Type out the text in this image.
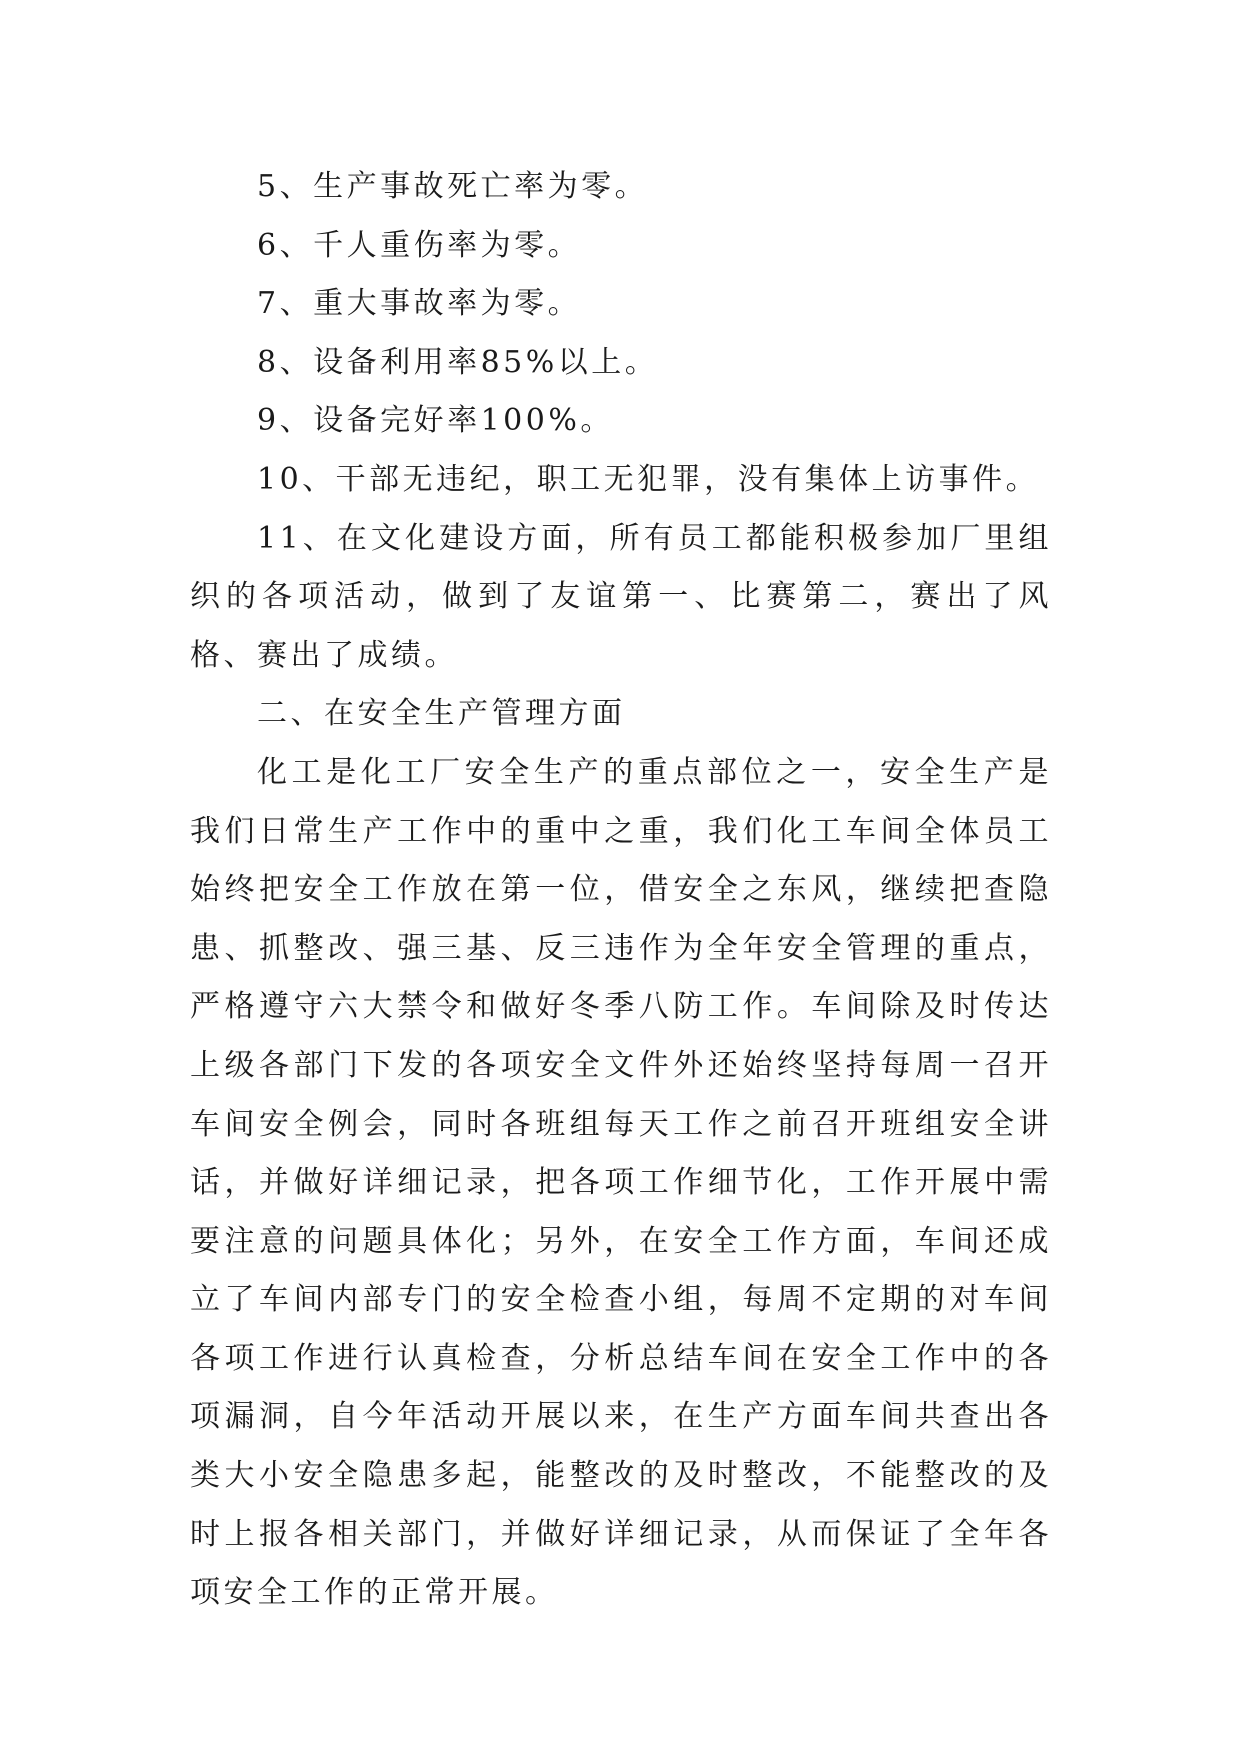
5、生产事故死亡率为零。

6、千人重伤率为零。

7、重大事故率为零。

8、设备利用率85%以上。

9、设备完好率100%。

10、干部无违纪，职工无犯罪，没有集体上访事件。

11、在文化建设方面，所有员工都能积极参加厂里组织的各项活动，做到了友谊第一、比赛第二，赛出了风格、赛出了成绩。

二、在安全生产管理方面

化工是化工厂安全生产的重点部位之一，安全生产是我们日常生产工作中的重中之重，我们化工车间全体员工始终把安全工作放在第一位，借安全之东风，继续把查隐患、抓整改、强三基、反三违作为全年安全管理的重点，严格遵守六大禁令和做好冬季八防工作。车间除及时传达上级各部门下发的各项安全文件外还始终坚持每周一召开车间安全例会，同时各班组每天工作之前召开班组安全讲话，并做好详细记录，把各项工作细节化，工作开展中需要注意的问题具体化；另外，在安全工作方面，车间还成立了车间内部专门的安全检查小组，每周不定期的对车间各项工作进行认真检查，分析总结车间在安全工作中的各项漏洞，自今年活动开展以来，在生产方面车间共查出各类大小安全隐患多起，能整改的及时整改，不能整改的及时上报各相关部门，并做好详细记录，从而保证了全年各项安全工作的正常开展。
